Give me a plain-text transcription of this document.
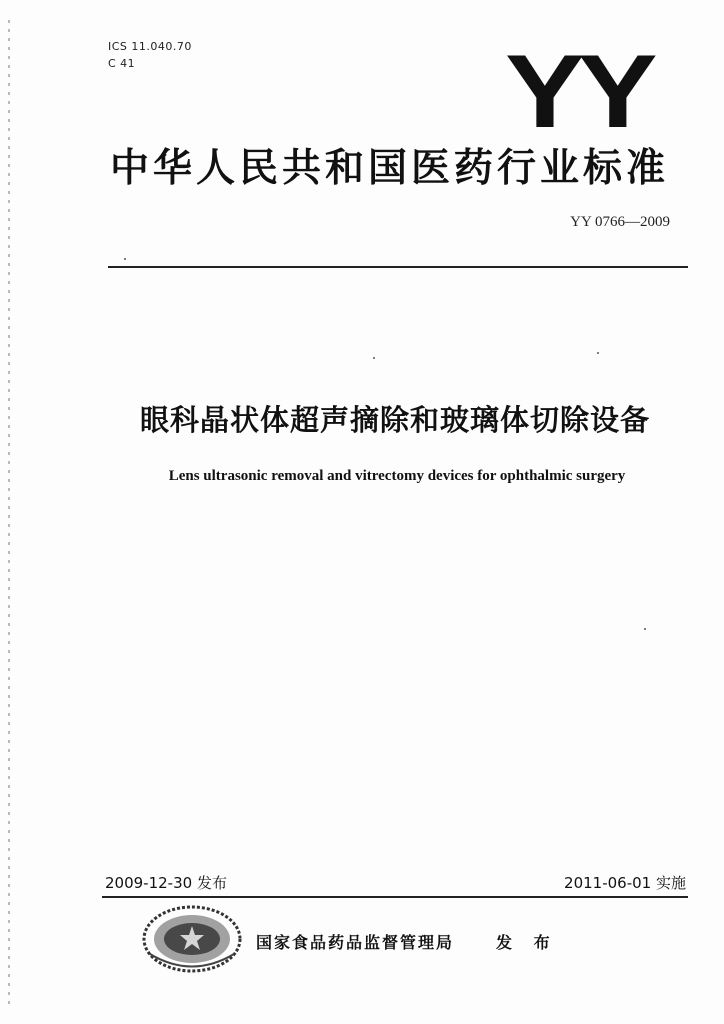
ICS 11.040.70
C 41	YY
中华人民共和国医药行业标准
YY 0766—2009
眼科晶状体超声摘除和玻璃体切除设备
Lens ultrasonic removal and vitrectomy devices for ophthalmic surgery
2009-12-30 发布	2011-06-01 实施
国家食品药品监督管理局	发 布
